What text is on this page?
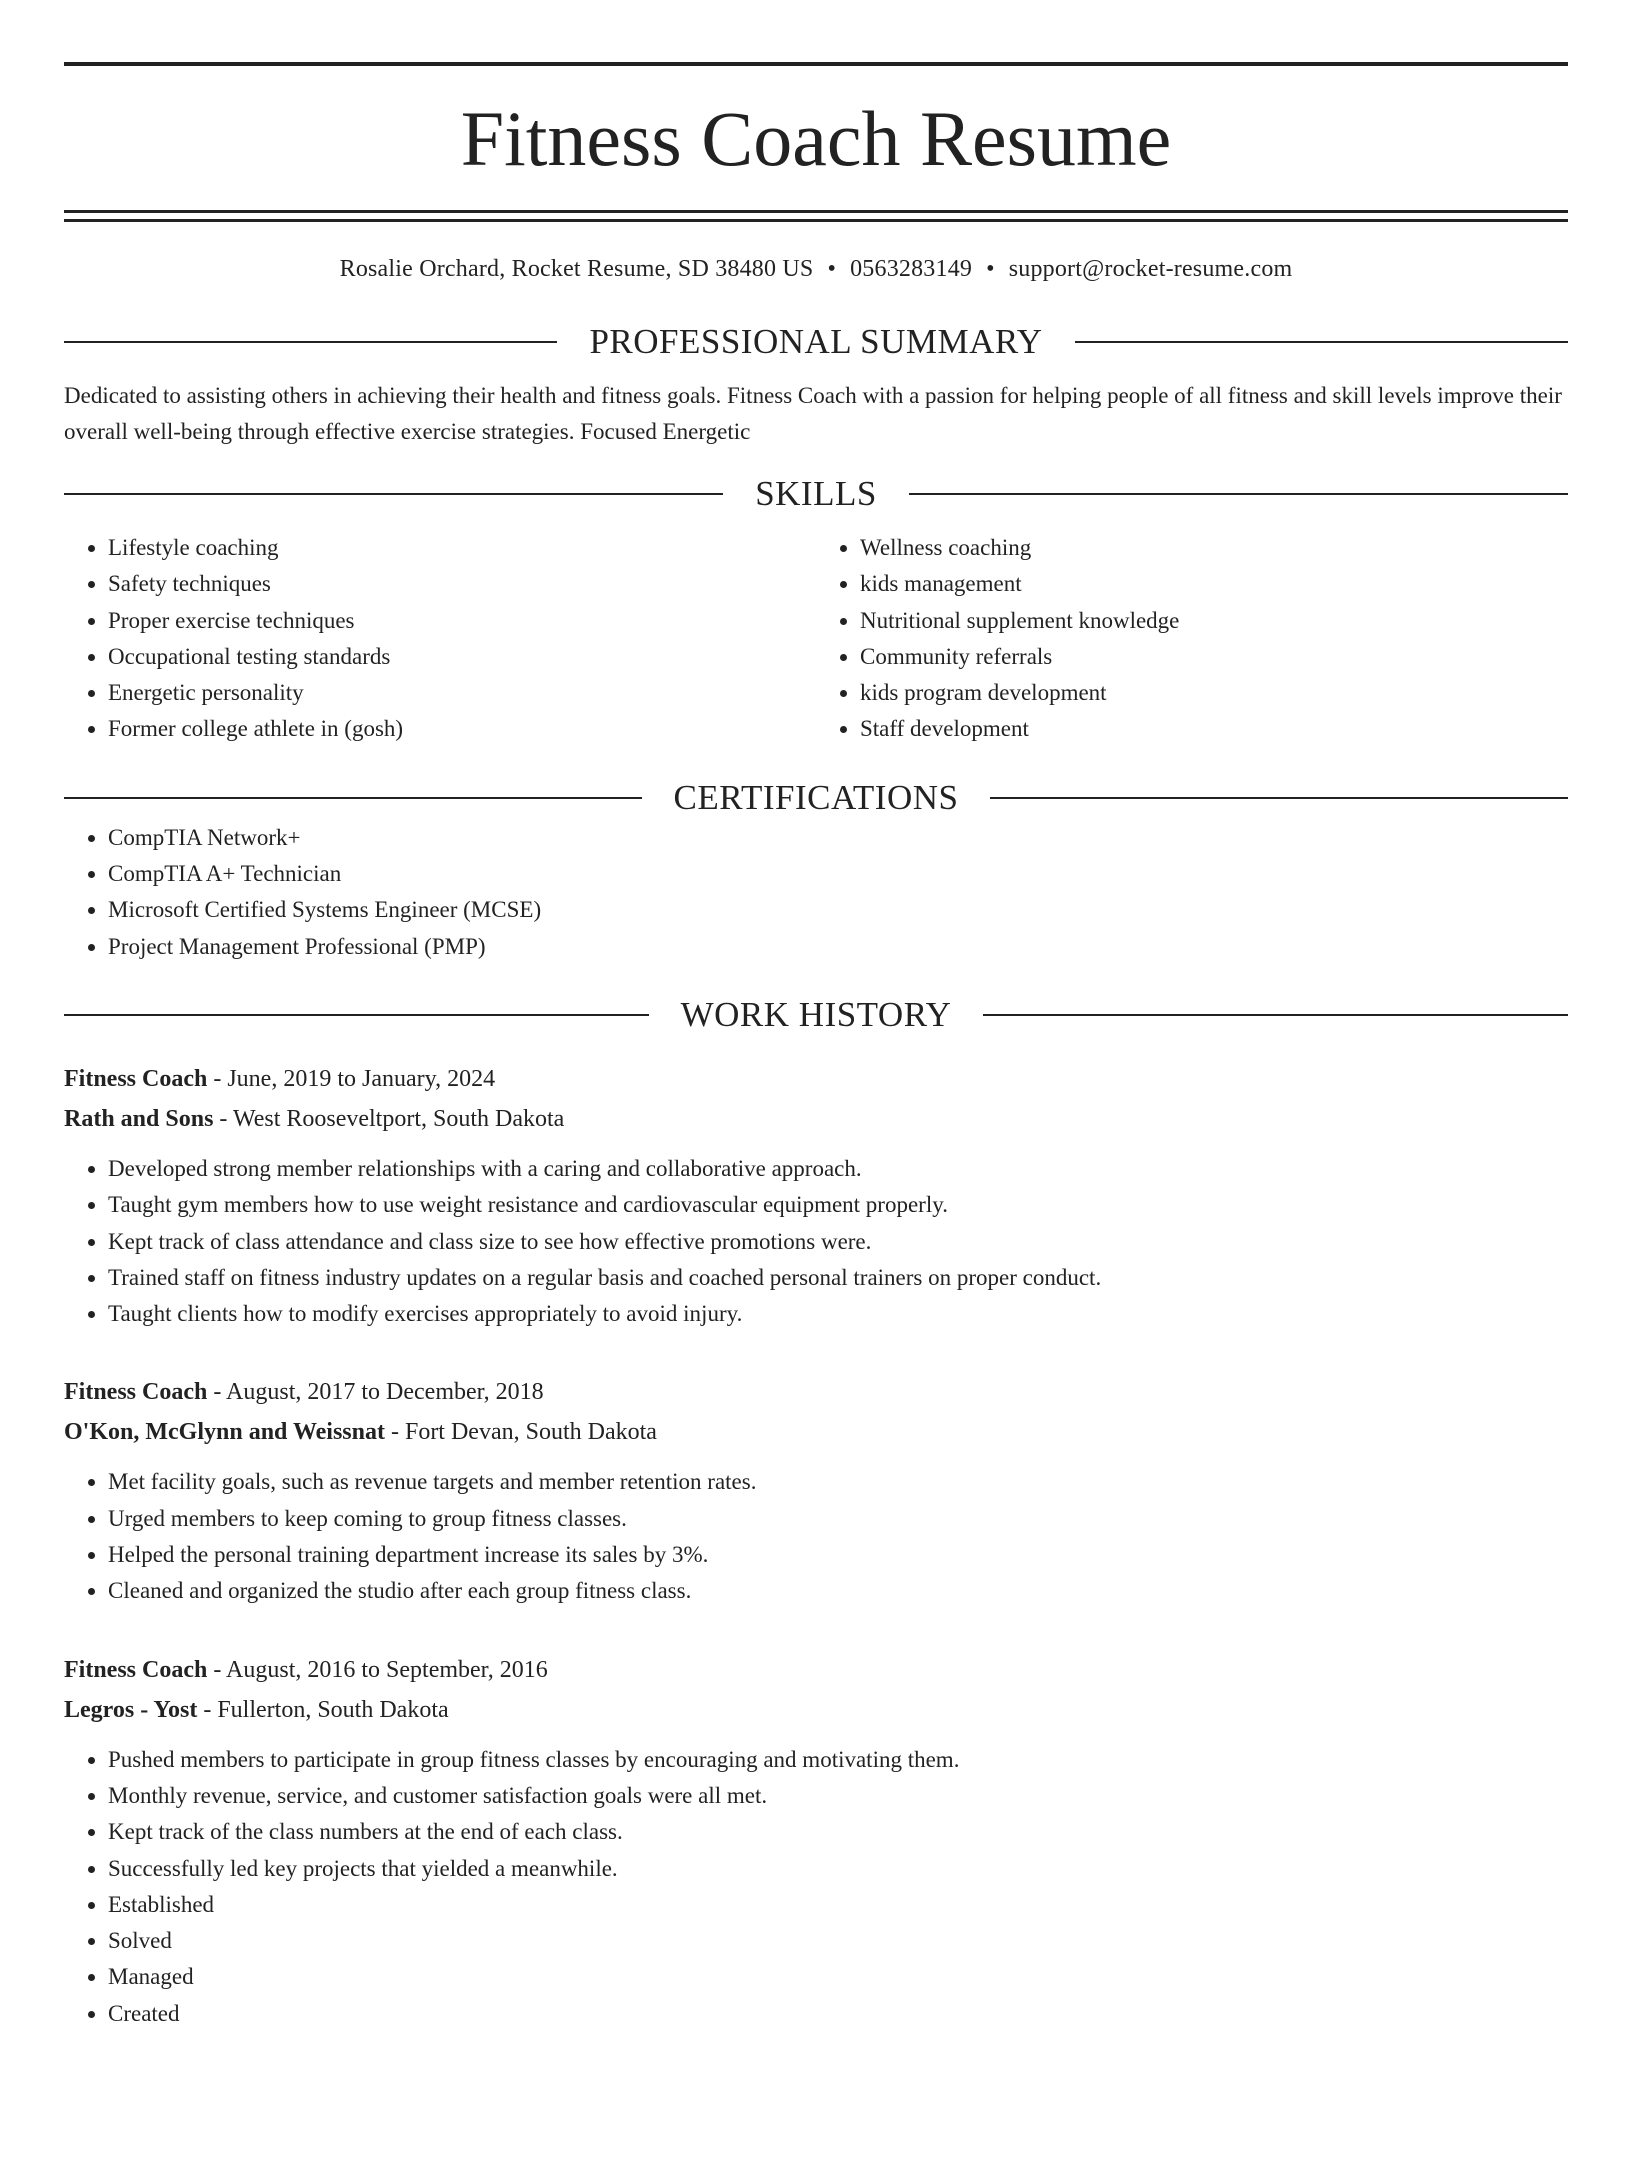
Fitness Coach Resume
Rosalie Orchard, Rocket Resume, SD 38480 US • 0563283149 • support@rocket-resume.com
PROFESSIONAL SUMMARY
Dedicated to assisting others in achieving their health and fitness goals. Fitness Coach with a passion for helping people of all fitness and skill levels improve their overall well-being through effective exercise strategies. Focused Energetic
SKILLS
• Lifestyle coaching
• Safety techniques
• Proper exercise techniques
• Occupational testing standards
• Energetic personality
• Former college athlete in (gosh)
• Wellness coaching
• kids management
• Nutritional supplement knowledge
• Community referrals
• kids program development
• Staff development
CERTIFICATIONS
• CompTIA Network+
• CompTIA A+ Technician
• Microsoft Certified Systems Engineer (MCSE)
• Project Management Professional (PMP)
WORK HISTORY
Fitness Coach - June, 2019 to January, 2024
Rath and Sons - West Rooseveltport, South Dakota
• Developed strong member relationships with a caring and collaborative approach.
• Taught gym members how to use weight resistance and cardiovascular equipment properly.
• Kept track of class attendance and class size to see how effective promotions were.
• Trained staff on fitness industry updates on a regular basis and coached personal trainers on proper conduct.
• Taught clients how to modify exercises appropriately to avoid injury.
Fitness Coach - August, 2017 to December, 2018
O'Kon, McGlynn and Weissnat - Fort Devan, South Dakota
• Met facility goals, such as revenue targets and member retention rates.
• Urged members to keep coming to group fitness classes.
• Helped the personal training department increase its sales by 3%.
• Cleaned and organized the studio after each group fitness class.
Fitness Coach - August, 2016 to September, 2016
Legros - Yost - Fullerton, South Dakota
• Pushed members to participate in group fitness classes by encouraging and motivating them.
• Monthly revenue, service, and customer satisfaction goals were all met.
• Kept track of the class numbers at the end of each class.
• Successfully led key projects that yielded a meanwhile.
• Established
• Solved
• Managed
• Created
